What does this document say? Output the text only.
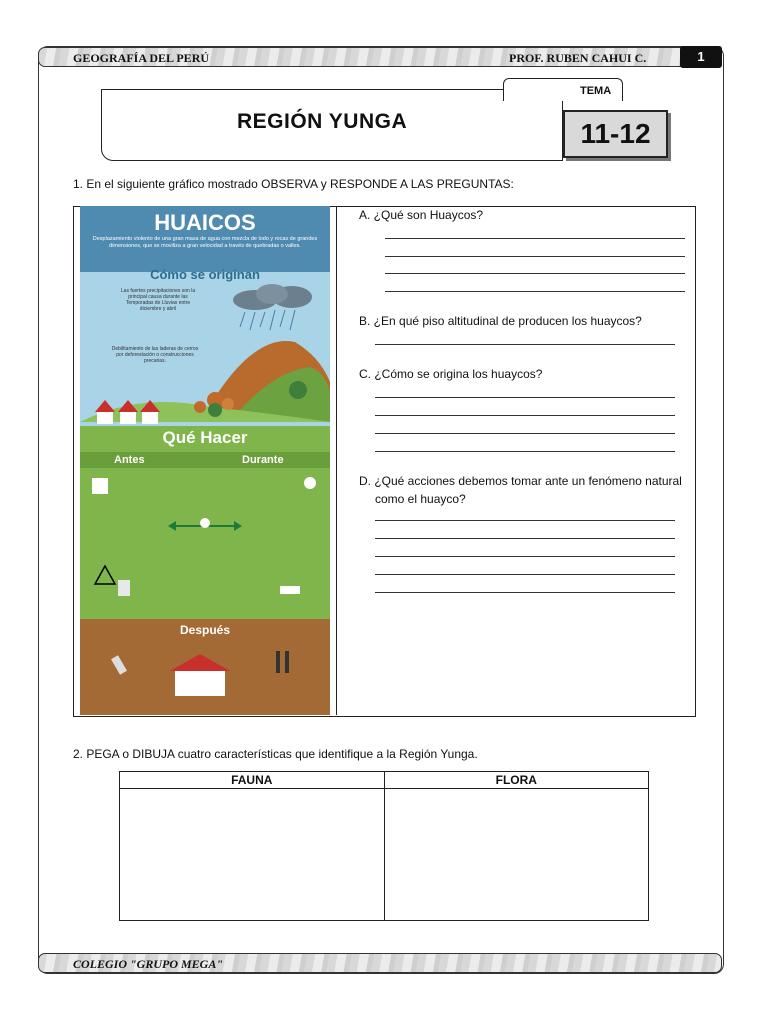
GEOGRAFÍA DEL PERÚ	PROF. RUBEN CAHUI C.	1
REGIÓN YUNGA
TEMA
11-12
1. En el siguiente gráfico mostrado OBSERVA y RESPONDE A LAS PREGUNTAS:
HUAICOS
Desplazamiento violento de una gran masa de agua con mezcla de lodo y rocas de grandes dimensiones, que se moviliza a gran velocidad a través de quebradas o valles.
Cómo se originan
Las fuertes precipitaciones son la principal causa durante las Temporadas de Lluvias entre diciembre y abril
Debilitamiento de las laderas de cerros por deforestación o construcciones precarias.
Qué Hacer
Antes	Durante
Después
A. ¿Qué son Huaycos?
B. ¿En qué piso altitudinal de producen los huaycos?
C. ¿Cómo se origina los huaycos?
D. ¿Qué acciones debemos tomar ante un fenómeno natural
como el huayco?
2. PEGA o DIBUJA cuatro características que identifique a la Región Yunga.
FAUNA	FLORA

COLEGIO "GRUPO MEGA"
